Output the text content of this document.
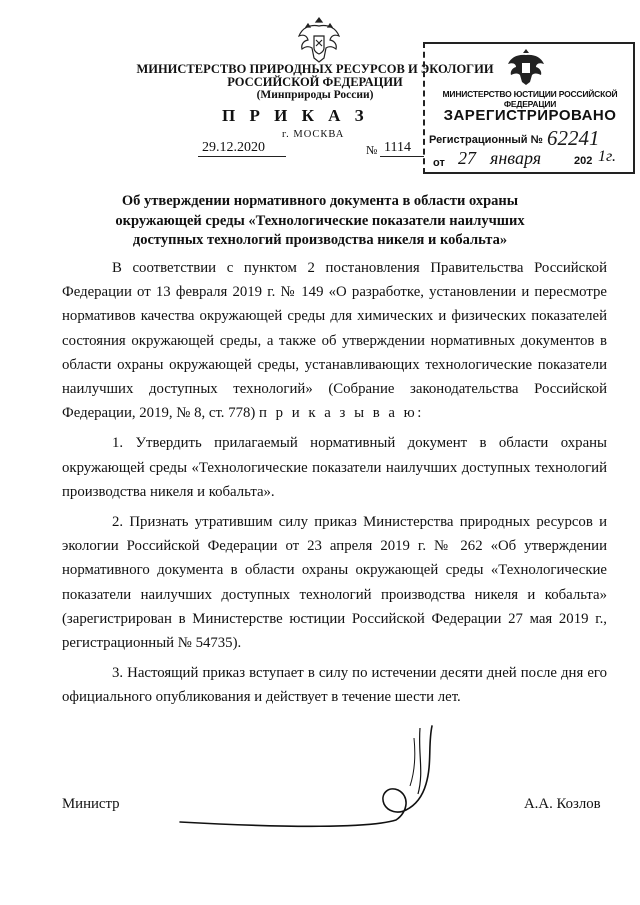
МИНИСТЕРСТВО ПРИРОДНЫХ РЕСУРСОВ И ЭКОЛОГИИ
РОССИЙСКОЙ ФЕДЕРАЦИИ
(Минприроды России)
П Р И К А З
г. МОСКВА
29.12.2020	№ 1114
МИНИСТЕРСТВО ЮСТИЦИИ РОССИЙСКОЙ ФЕДЕРАЦИИ
ЗАРЕГИСТРИРОВАНО
Регистрационный № 62241
от 27 января	202 1г.
Об утверждении нормативного документа в области охраны окружающей среды «Технологические показатели наилучших доступных технологий производства никеля и кобальта»

В соответствии с пунктом 2 постановления Правительства Российской Федерации от 13 февраля 2019 г. № 149 «О разработке, установлении и пересмотре нормативов качества окружающей среды для химических и физических показателей состояния окружающей среды, а также об утверждении нормативных документов в области охраны окружающей среды, устанавливающих технологические показатели наилучших доступных технологий» (Собрание законодательства Российской Федерации, 2019, № 8, ст. 778) п р и к а з ы в а ю:

1. Утвердить прилагаемый нормативный документ в области охраны окружающей среды «Технологические показатели наилучших доступных технологий производства никеля и кобальта».

2. Признать утратившим силу приказ Министерства природных ресурсов и экологии Российской Федерации от 23 апреля 2019 г. № 262 «Об утверждении нормативного документа в области охраны окружающей среды «Технологические показатели наилучших доступных технологий производства никеля и кобальта» (зарегистрирован в Министерстве юстиции Российской Федерации 27 мая 2019 г., регистрационный № 54735).

3. Настоящий приказ вступает в силу по истечении десяти дней после дня его официального опубликования и действует в течение шести лет.

Министр	А.А. Козлов
